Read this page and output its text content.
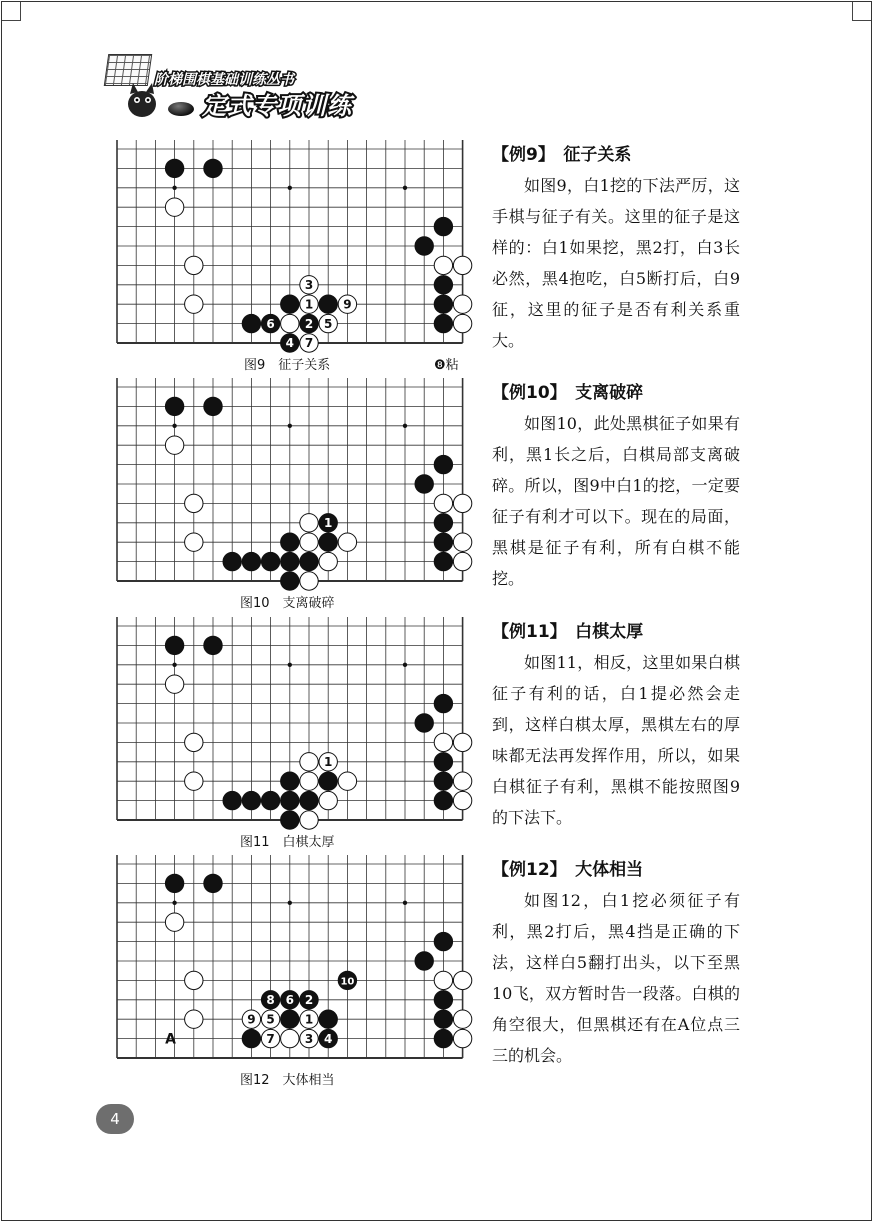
阶梯围棋基础训练丛书
定式专项训练
3
1	9
6	2 5
4 7
图9　征子关系	❽粘
1
图10　支离破碎
1
图11　白棋太厚
10
8 6 2
9 5	1
7	3 4
A
图12　大体相当
【例9】　征子关系
如图9，白1挖的下法严厉，这手棋与征子有关。这里的征子是这样的：白1如果挖，黑2打，白3长必然，黑4抱吃，白5断打后，白9征，这里的征子是否有利关系重大。
【例10】　支离破碎
如图10，此处黑棋征子如果有利，黑1长之后，白棋局部支离破碎。所以，图9中白1的挖，一定要征子有利才可以下。现在的局面，黑棋是征子有利，所有白棋不能挖。
【例11】　白棋太厚
如图11，相反，这里如果白棋征子有利的话，白1提必然会走到，这样白棋太厚，黑棋左右的厚味都无法再发挥作用，所以，如果白棋征子有利，黑棋不能按照图9的下法下。
【例12】　大体相当
如图12，白1挖必须征子有利，黑2打后，黑4挡是正确的下法，这样白5翻打出头，以下至黑10飞，双方暂时告一段落。白棋的角空很大，但黑棋还有在A位点三三的机会。
4
